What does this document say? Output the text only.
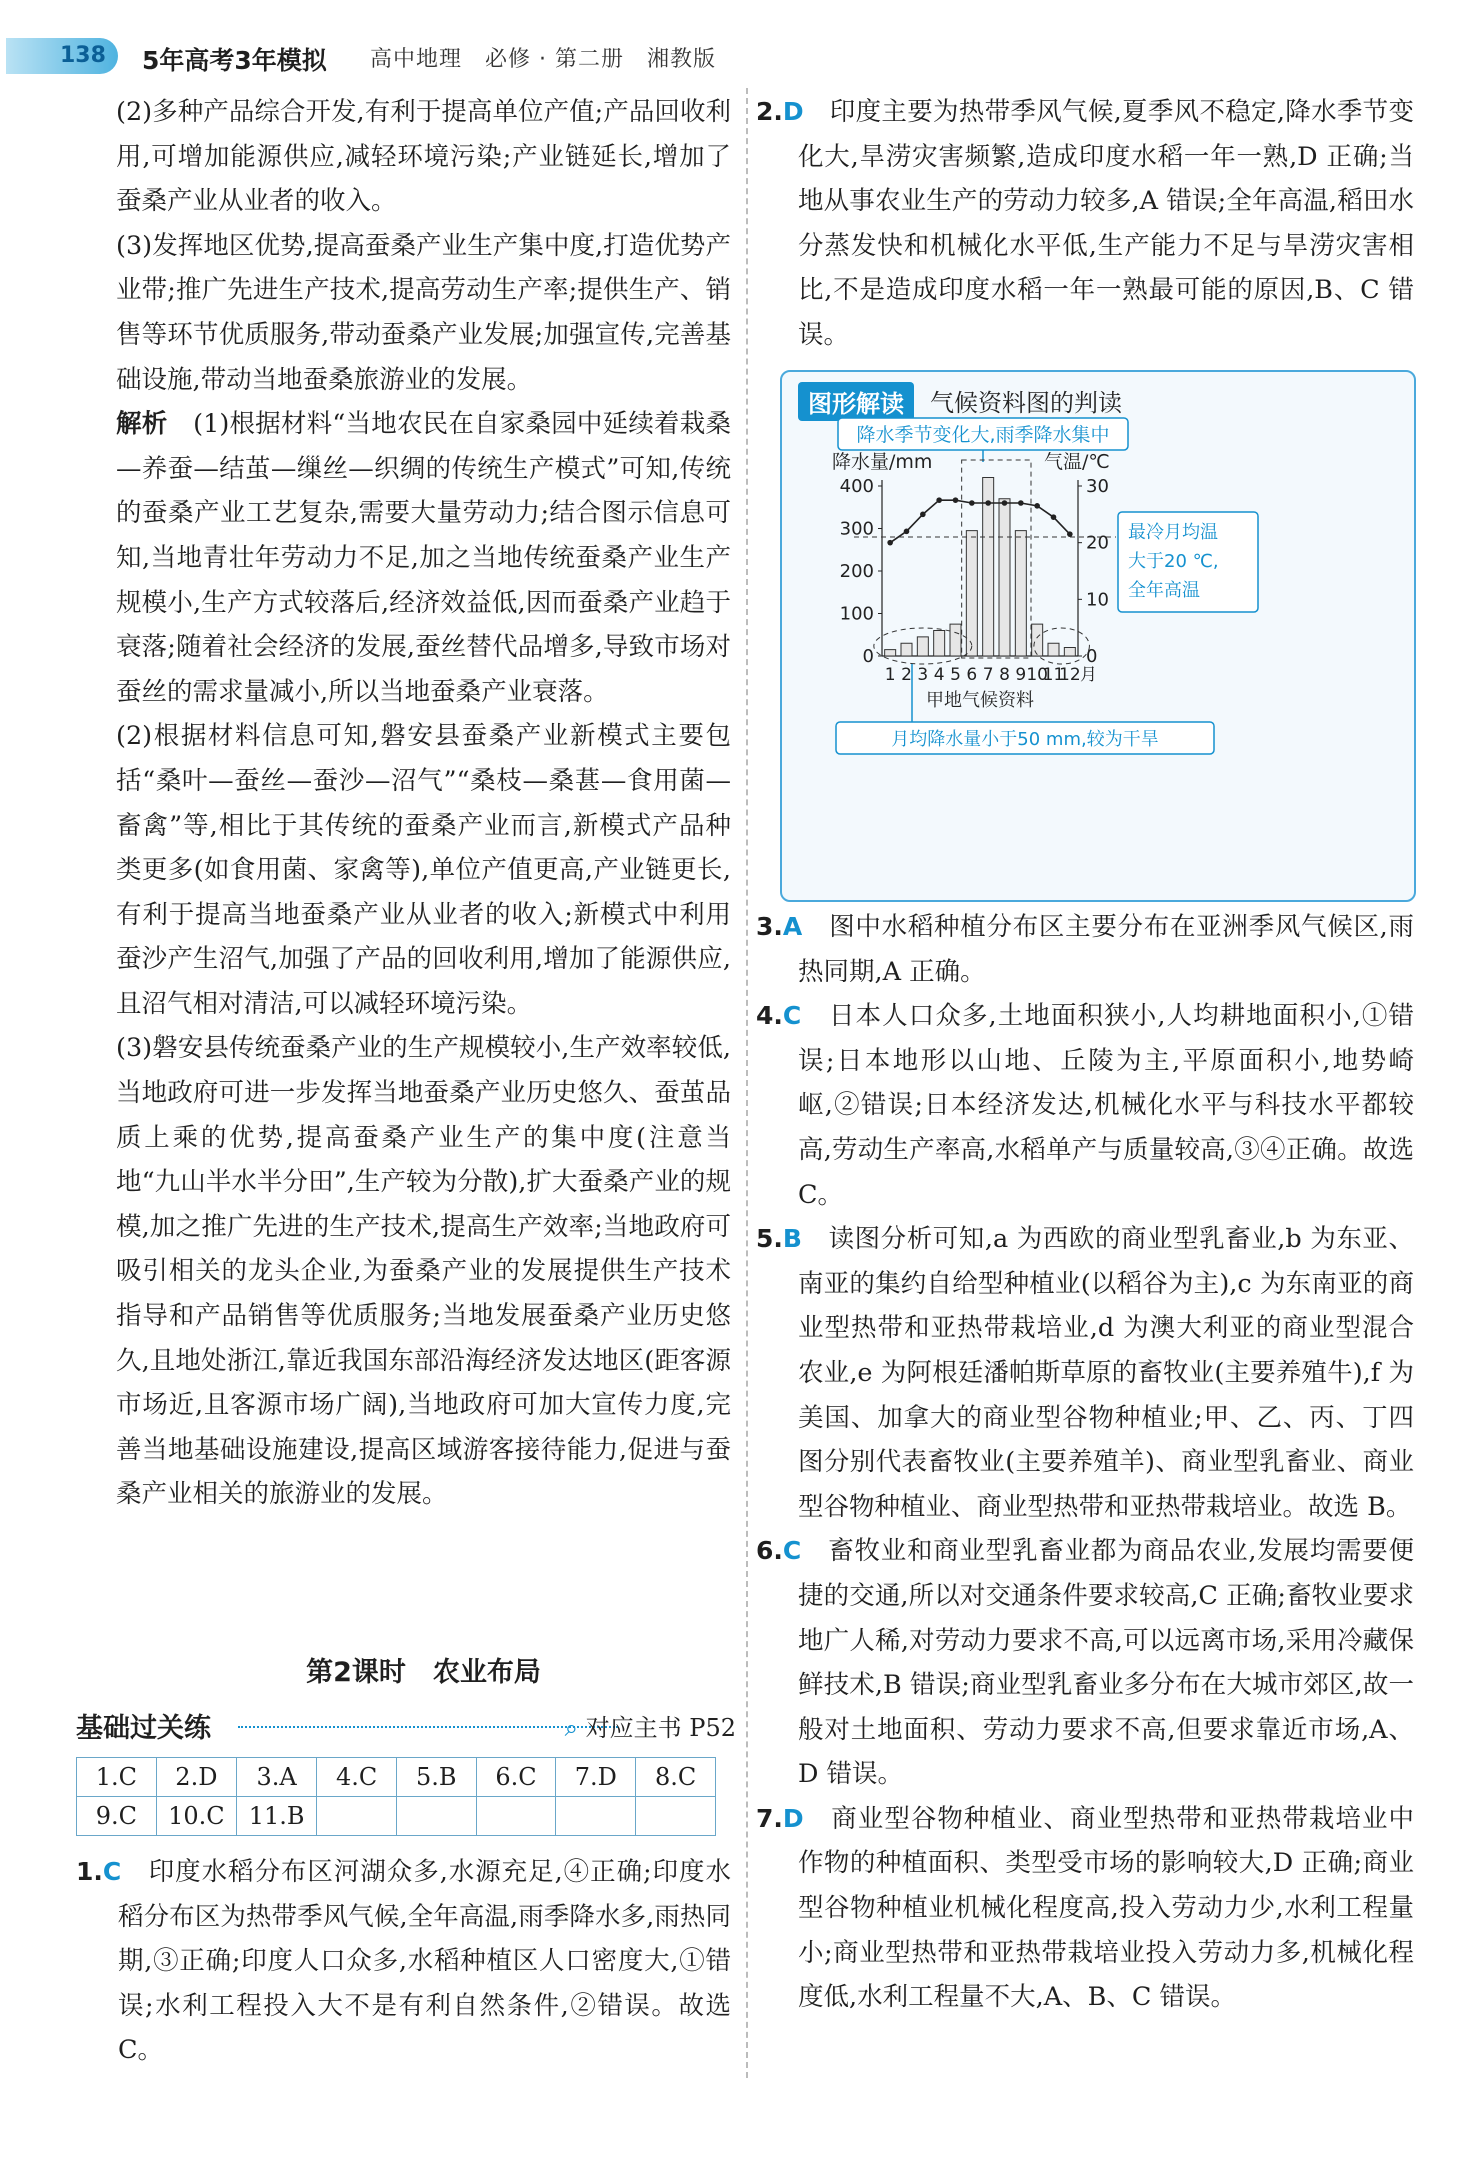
138 5年高考3年模拟 高中地理　必修 · 第二册　湘教版

(2)多种产品综合开发,有利于提高单位产值;产品回收利用,可增加能源供应,减轻环境污染;产业链延长,增加了蚕桑产业从业者的收入。

(3)发挥地区优势,提高蚕桑产业生产集中度,打造优势产业带;推广先进生产技术,提高劳动生产率;提供生产、销售等环节优质服务,带动蚕桑产业发展;加强宣传,完善基础设施,带动当地蚕桑旅游业的发展。

解析　 (1)根据材料“当地农民在自家桑园中延续着栽桑—养蚕—结茧—缫丝—织绸的传统生产模式”可知,传统的蚕桑产业工艺复杂,需要大量劳动力;结合图示信息可知,当地青壮年劳动力不足,加之当地传统蚕桑产业生产规模小,生产方式较落后,经济效益低,因而蚕桑产业趋于衰落;随着社会经济的发展,蚕丝替代品增多,导致市场对蚕丝的需求量减小,所以当地蚕桑产业衰落。

(2)根据材料信息可知,磐安县蚕桑产业新模式主要包括“桑叶—蚕丝—蚕沙—沼气”“桑枝—桑葚—食用菌—畜禽”等,相比于其传统的蚕桑产业而言,新模式产品种类更多(如食用菌、家禽等),单位产值更高,产业链更长,有利于提高当地蚕桑产业从业者的收入;新模式中利用蚕沙产生沼气,加强了产品的回收利用,增加了能源供应,且沼气相对清洁,可以减轻环境污染。

(3)磐安县传统蚕桑产业的生产规模较小,生产效率较低,当地政府可进一步发挥当地蚕桑产业历史悠久、蚕茧品质上乘的优势,提高蚕桑产业生产的集中度(注意当地“九山半水半分田”,生产较为分散),扩大蚕桑产业的规模,加之推广先进的生产技术,提高生产效率;当地政府可吸引相关的龙头企业,为蚕桑产业的发展提供生产技术指导和产品销售等优质服务;当地发展蚕桑产业历史悠久,且地处浙江,靠近我国东部沿海经济发达地区(距客源市场近,且客源市场广阔),当地政府可加大宣传力度,完善当地基础设施建设,提高区域游客接待能力,促进与蚕桑产业相关的旅游业的发展。

第2课时　农业布局
基础过关练	⌕ 对应主书 P52
1.C	2.D	3.A	4.C	5.B	6.C	7.D	8.C
9.C	10.C	11.B					

1.C　 印度水稻分布区河湖众多,水源充足,④正确;印度水稻分布区为热带季风气候,全年高温,雨季降水多,雨热同期,③正确;印度人口众多,水稻种植区人口密度大,①错误;水利工程投入大不是有利自然条件,②错误。故选 C。

2.D　 印度主要为热带季风气候,夏季风不稳定,降水季节变化大,旱涝灾害频繁,造成印度水稻一年一熟,D 正确;当地从事农业生产的劳动力较多,A 错误;全年高温,稻田水分蒸发快和机械化水平低,生产能力不足与旱涝灾害相比,不是造成印度水稻一年一熟最可能的原因,B、C 错误。

图形解读	气候资料图的判读
降水季节变化大,雨季降水集中
降水量/mm	气温/℃
400
300
200
100
0
30
20
10
0
1 2 3 4 5 6 7 8 9 10
11
12 月
甲地气候资料
最冷月均温
大于20 ℃,
全年高温
月均降水量小于50 mm,较为干旱

3.A　 图中水稻种植分布区主要分布在亚洲季风气候区,雨热同期,A 正确。

4.C　 日本人口众多,土地面积狭小,人均耕地面积小,①错误;日本地形以山地、丘陵为主,平原面积小,地势崎岖,②错误;日本经济发达,机械化水平与科技水平都较高,劳动生产率高,水稻单产与质量较高,③④正确。故选 C。

5.B　 读图分析可知,a 为西欧的商业型乳畜业,b 为东亚、南亚的集约自给型种植业(以稻谷为主),c 为东南亚的商业型热带和亚热带栽培业,d 为澳大利亚的商业型混合农业,e 为阿根廷潘帕斯草原的畜牧业(主要养殖牛),f 为美国、加拿大的商业型谷物种植业;甲、乙、丙、丁四图分别代表畜牧业(主要养殖羊)、商业型乳畜业、商业型谷物种植业、商业型热带和亚热带栽培业。故选 B。

6.C　 畜牧业和商业型乳畜业都为商品农业,发展均需要便捷的交通,所以对交通条件要求较高,C 正确;畜牧业要求地广人稀,对劳动力要求不高,可以远离市场,采用冷藏保鲜技术,B 错误;商业型乳畜业多分布在大城市郊区,故一般对土地面积、劳动力要求不高,但要求靠近市场,A、D 错误。

7.D　 商业型谷物种植业、商业型热带和亚热带栽培业中作物的种植面积、类型受市场的影响较大,D 正确;商业型谷物种植业机械化程度高,投入劳动力少,水利工程量小;商业型热带和亚热带栽培业投入劳动力多,机械化程度低,水利工程量不大,A、B、C 错误。
